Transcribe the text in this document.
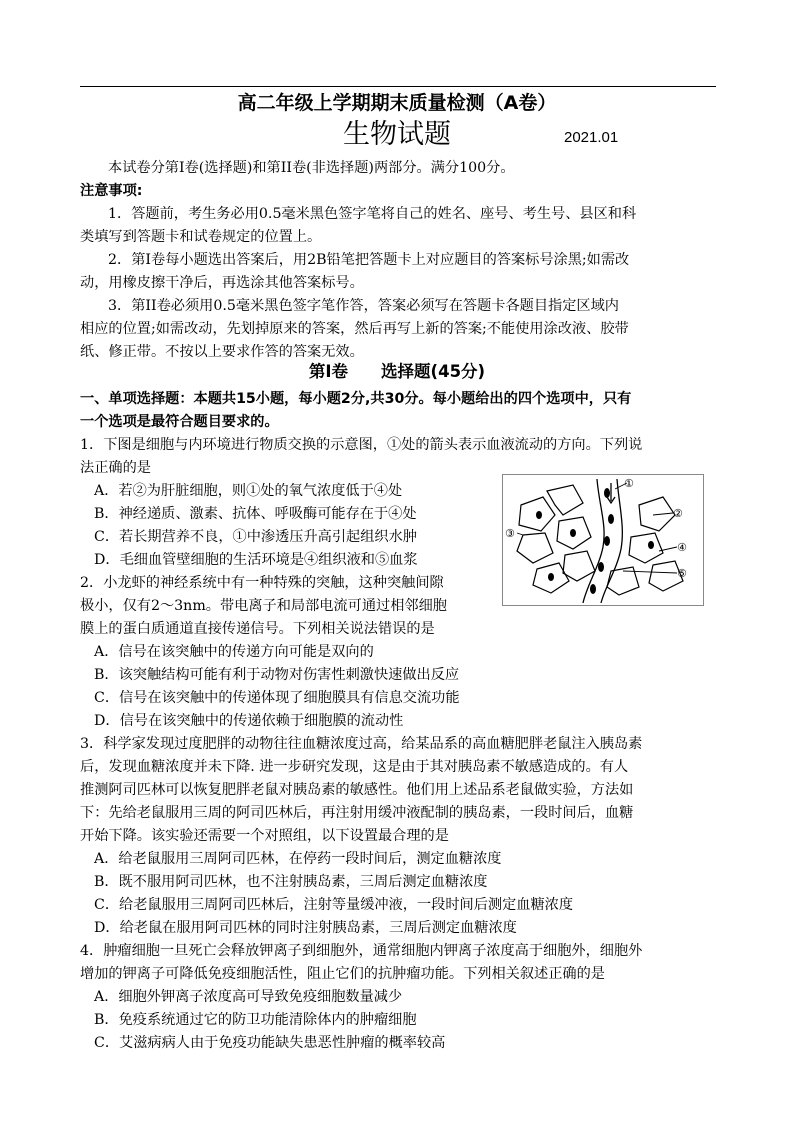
高二年级上学期期末质量检测（A卷）
生物试题	2021.01
本试卷分第Ⅰ卷(选择题)和第II卷(非选择题)两部分。满分100分。
注意事项:
1．答题前，考生务必用0.5毫米黑色签字笔将自己的姓名、座号、考生号、县区和科
类填写到答题卡和试卷规定的位置上。
2．第Ⅰ卷每小题选出答案后，用2B铅笔把答题卡上对应题目的答案标号涂黑;如需改
动，用橡皮擦干净后，再选涂其他答案标号。
3．第II卷必须用0.5毫米黑色签字笔作答，答案必须写在答题卡各题目指定区域内
相应的位置;如需改动，先划掉原来的答案，然后再写上新的答案;不能使用涂改液、胶带
纸、修正带。不按以上要求作答的答案无效。
第Ⅰ卷　　选择题(45分)
一、单项选择题：本题共15小题，每小题2分,共30分。每小题给出的四个选项中，只有
一个选项是最符合题目要求的。
1．下图是细胞与内环境进行物质交换的示意图，①处的箭头表示血液流动的方向。下列说
法正确的是
A．若②为肝脏细胞，则①处的氧气浓度低于④处
B．神经递质、激素、抗体、呼吸酶可能存在于④处
C．若长期营养不良，①中渗透压升高引起组织水肿
D．毛细血管壁细胞的生活环境是④组织液和⑤血浆
2．小龙虾的神经系统中有一种特殊的突触，这种突触间隙
极小，仅有2～3nm。带电离子和局部电流可通过相邻细胞
膜上的蛋白质通道直接传递信号。下列相关说法错误的是
A．信号在该突触中的传递方向可能是双向的
B．该突触结构可能有利于动物对伤害性刺激快速做出反应
C．信号在该突触中的传递体现了细胞膜具有信息交流功能
D．信号在该突触中的传递依赖于细胞膜的流动性
3．科学家发现过度肥胖的动物往往血糖浓度过高，给某品系的高血糖肥胖老鼠注入胰岛素
后，发现血糖浓度并未下降. 进一步研究发现，这是由于其对胰岛素不敏感造成的。有人
推测阿司匹林可以恢复肥胖老鼠对胰岛素的敏感性。他们用上述品系老鼠做实验，方法如
下：先给老鼠服用三周的阿司匹林后，再注射用缓冲液配制的胰岛素，一段时间后，血糖
开始下降。该实验还需要一个对照组，以下设置最合理的是
A．给老鼠服用三周阿司匹林，在停药一段时间后，测定血糖浓度
B．既不服用阿司匹林，也不注射胰岛素，三周后测定血糖浓度
C．给老鼠服用三周阿司匹林后，注射等量缓冲液，一段时间后测定血糖浓度
D．给老鼠在服用阿司匹林的同时注射胰岛素，三周后测定血糖浓度
4．肿瘤细胞一旦死亡会释放钾离子到细胞外，通常细胞内钾离子浓度高于细胞外，细胞外
增加的钾离子可降低免疫细胞活性，阻止它们的抗肿瘤功能。下列相关叙述正确的是
A．细胞外钾离子浓度高可导致免疫细胞数量减少
B．免疫系统通过它的防卫功能清除体内的肿瘤细胞
C．艾滋病病人由于免疫功能缺失患恶性肿瘤的概率较高
①
②
③
④
⑤
